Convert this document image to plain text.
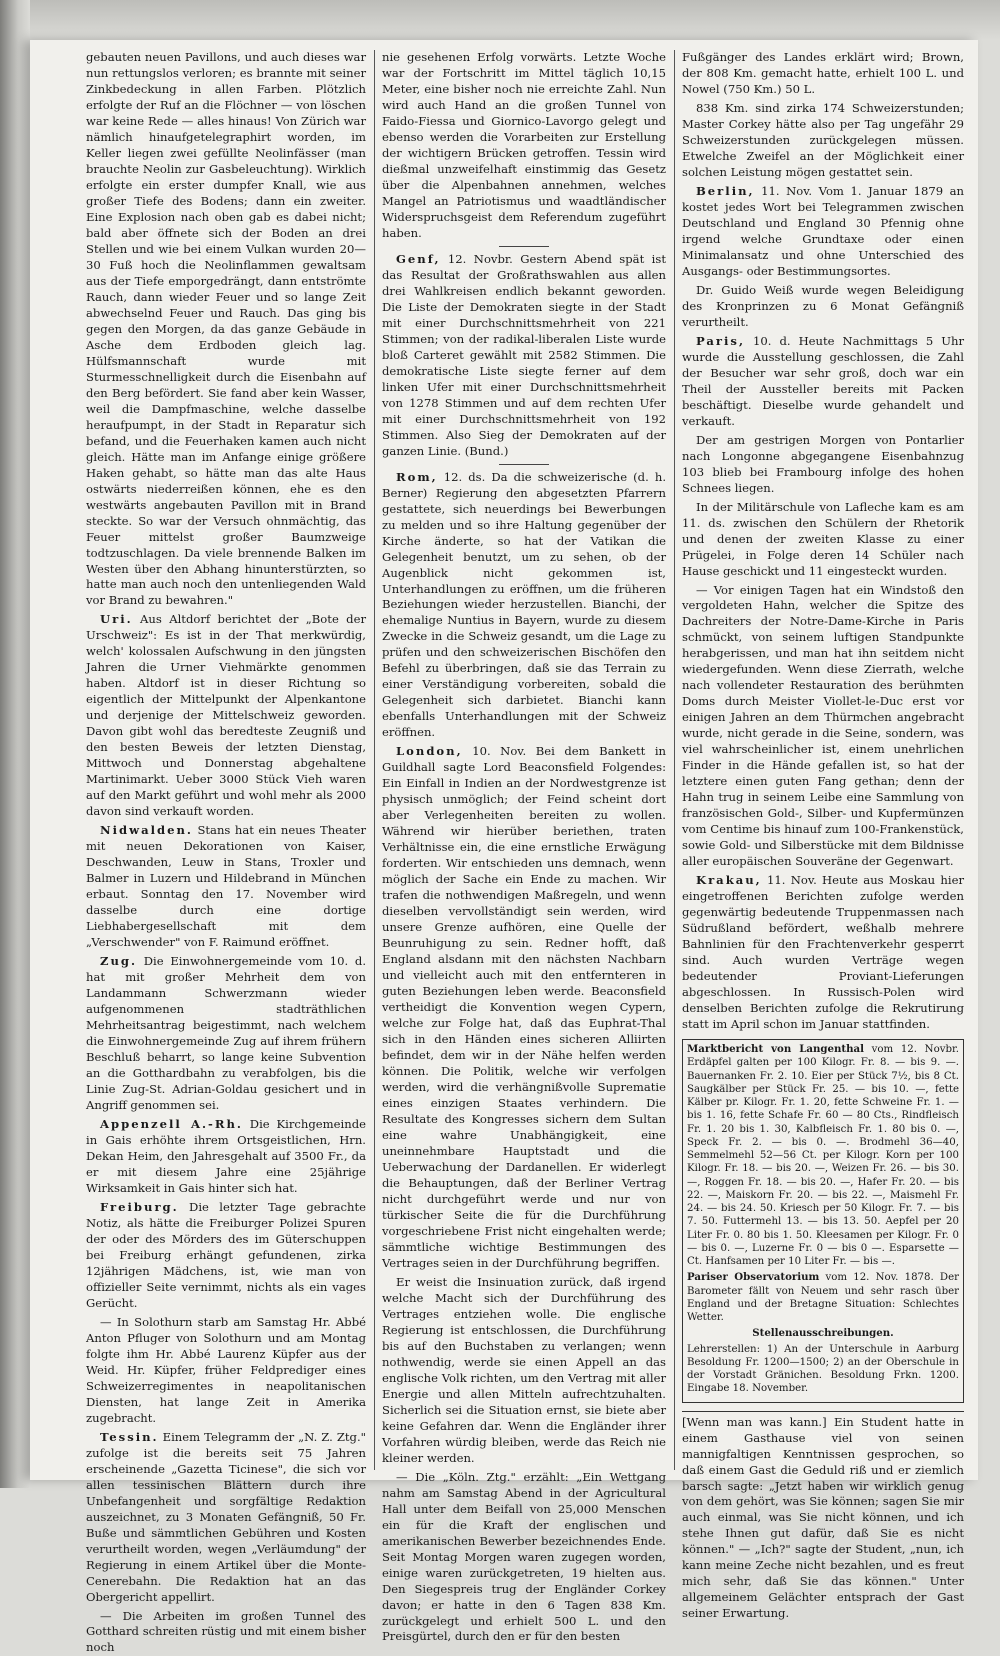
gebauten neuen Pavillons, und auch dieses war nun rettungslos verloren; es brannte mit seiner Zinkbedeckung in allen Farben. Plötzlich erfolgte der Ruf an die Flöchner — von löschen war keine Rede — alles hinaus! Von Zürich war nämlich hinaufgetelegraphirt worden, im Keller liegen zwei gefüllte Neolinfässer (man brauchte Neolin zur Gasbeleuchtung). Wirklich erfolgte ein erster dumpfer Knall, wie aus großer Tiefe des Bodens; dann ein zweiter. Eine Explosion nach oben gab es dabei nicht; bald aber öffnete sich der Boden an drei Stellen und wie bei einem Vulkan wurden 20—30 Fuß hoch die Neolinflammen gewaltsam aus der Tiefe emporgedrängt, dann entströmte Rauch, dann wieder Feuer und so lange Zeit abwechselnd Feuer und Rauch. Das ging bis gegen den Morgen, da das ganze Gebäude in Asche dem Erdboden gleich lag. Hülfsmannschaft wurde mit Sturmesschnelligkeit durch die Eisenbahn auf den Berg befördert. Sie fand aber kein Wasser, weil die Dampfmaschine, welche dasselbe heraufpumpt, in der Stadt in Reparatur sich befand, und die Feuerhaken kamen auch nicht gleich. Hätte man im Anfange einige größere Haken gehabt, so hätte man das alte Haus ostwärts niederreißen können, ehe es den westwärts angebauten Pavillon mit in Brand steckte. So war der Versuch ohnmächtig, das Feuer mittelst großer Baumzweige todtzuschlagen. Da viele brennende Balken im Westen über den Abhang hinunterstürzten, so hatte man auch noch den untenliegenden Wald vor Brand zu bewahren."

Uri. Aus Altdorf berichtet der „Bote der Urschweiz": Es ist in der That merkwürdig, welch' kolossalen Aufschwung in den jüngsten Jahren die Urner Viehmärkte genommen haben. Altdorf ist in dieser Richtung so eigentlich der Mittelpunkt der Alpenkantone und derjenige der Mittelschweiz geworden. Davon gibt wohl das beredteste Zeugniß und den besten Beweis der letzten Dienstag, Mittwoch und Donnerstag abgehaltene Martinimarkt. Ueber 3000 Stück Vieh waren auf den Markt geführt und wohl mehr als 2000 davon sind verkauft worden.

Nidwalden. Stans hat ein neues Theater mit neuen Dekorationen von Kaiser, Deschwanden, Leuw in Stans, Troxler und Balmer in Luzern und Hildebrand in München erbaut. Sonntag den 17. November wird dasselbe durch eine dortige Liebhabergesellschaft mit dem „Verschwender" von F. Raimund eröffnet.

Zug. Die Einwohnergemeinde vom 10. d. hat mit großer Mehrheit dem von Landammann Schwerzmann wieder aufgenommenen stadträthlichen Mehrheitsantrag beigestimmt, nach welchem die Einwohnergemeinde Zug auf ihrem frühern Beschluß beharrt, so lange keine Subvention an die Gotthardbahn zu verabfolgen, bis die Linie Zug-St. Adrian-Goldau gesichert und in Angriff genommen sei.

Appenzell A.-Rh. Die Kirchgemeinde in Gais erhöhte ihrem Ortsgeistlichen, Hrn. Dekan Heim, den Jahresgehalt auf 3500 Fr., da er mit diesem Jahre eine 25jährige Wirksamkeit in Gais hinter sich hat.

Freiburg. Die letzter Tage gebrachte Notiz, als hätte die Freiburger Polizei Spuren der oder des Mörders des im Güterschuppen bei Freiburg erhängt gefundenen, zirka 12jährigen Mädchens, ist, wie man von offizieller Seite vernimmt, nichts als ein vages Gerücht.

— In Solothurn starb am Samstag Hr. Abbé Anton Pfluger von Solothurn und am Montag folgte ihm Hr. Abbé Laurenz Küpfer aus der Weid. Hr. Küpfer, früher Feldprediger eines Schweizerregimentes in neapolitanischen Diensten, hat lange Zeit in Amerika zugebracht.

Tessin. Einem Telegramm der „N. Z. Ztg." zufolge ist die bereits seit 75 Jahren erscheinende „Gazetta Ticinese", die sich vor allen tessinischen Blättern durch ihre Unbefangenheit und sorgfältige Redaktion auszeichnet, zu 3 Monaten Gefängniß, 50 Fr. Buße und sämmtlichen Gebühren und Kosten verurtheilt worden, wegen „Verläumdung" der Regierung in einem Artikel über die Monte-Cenerebahn. Die Redaktion hat an das Obergericht appellirt.

— Die Arbeiten im großen Tunnel des Gotthard schreiten rüstig und mit einem bisher noch

nie gesehenen Erfolg vorwärts. Letzte Woche war der Fortschritt im Mittel täglich 10,15 Meter, eine bisher noch nie erreichte Zahl. Nun wird auch Hand an die großen Tunnel von Faido-Fiessa und Giornico-Lavorgo gelegt und ebenso werden die Vorarbeiten zur Erstellung der wichtigern Brücken getroffen. Tessin wird dießmal unzweifelhaft einstimmig das Gesetz über die Alpenbahnen annehmen, welches Mangel an Patriotismus und waadtländischer Widerspruchsgeist dem Referendum zugeführt haben.

Genf, 12. Novbr. Gestern Abend spät ist das Resultat der Großrathswahlen aus allen drei Wahlkreisen endlich bekannt geworden. Die Liste der Demokraten siegte in der Stadt mit einer Durchschnittsmehrheit von 221 Stimmen; von der radikal-liberalen Liste wurde bloß Carteret gewählt mit 2582 Stimmen. Die demokratische Liste siegte ferner auf dem linken Ufer mit einer Durchschnittsmehrheit von 1278 Stimmen und auf dem rechten Ufer mit einer Durchschnittsmehrheit von 192 Stimmen. Also Sieg der Demokraten auf der ganzen Linie. (Bund.)

Rom, 12. ds. Da die schweizerische (d. h. Berner) Regierung den abgesetzten Pfarrern gestattete, sich neuerdings bei Bewerbungen zu melden und so ihre Haltung gegenüber der Kirche änderte, so hat der Vatikan die Gelegenheit benutzt, um zu sehen, ob der Augenblick nicht gekommen ist, Unterhandlungen zu eröffnen, um die früheren Beziehungen wieder herzustellen. Bianchi, der ehemalige Nuntius in Bayern, wurde zu diesem Zwecke in die Schweiz gesandt, um die Lage zu prüfen und den schweizerischen Bischöfen den Befehl zu überbringen, daß sie das Terrain zu einer Verständigung vorbereiten, sobald die Gelegenheit sich darbietet. Bianchi kann ebenfalls Unterhandlungen mit der Schweiz eröffnen.

London, 10. Nov. Bei dem Bankett in Guildhall sagte Lord Beaconsfield Folgendes: Ein Einfall in Indien an der Nordwestgrenze ist physisch unmöglich; der Feind scheint dort aber Verlegenheiten bereiten zu wollen. Während wir hierüber beriethen, traten Verhältnisse ein, die eine ernstliche Erwägung forderten. Wir entschieden uns demnach, wenn möglich der Sache ein Ende zu machen. Wir trafen die nothwendigen Maßregeln, und wenn dieselben vervollständigt sein werden, wird unsere Grenze aufhören, eine Quelle der Beunruhigung zu sein. Redner hofft, daß England alsdann mit den nächsten Nachbarn und vielleicht auch mit den entfernteren in guten Beziehungen leben werde. Beaconsfield vertheidigt die Konvention wegen Cypern, welche zur Folge hat, daß das Euphrat-Thal sich in den Händen eines sicheren Alliirten befindet, dem wir in der Nähe helfen werden können. Die Politik, welche wir verfolgen werden, wird die verhängnißvolle Suprematie eines einzigen Staates verhindern. Die Resultate des Kongresses sichern dem Sultan eine wahre Unabhängigkeit, eine uneinnehmbare Hauptstadt und die Ueberwachung der Dardanellen. Er widerlegt die Behauptungen, daß der Berliner Vertrag nicht durchgeführt werde und nur von türkischer Seite die für die Durchführung vorgeschriebene Frist nicht eingehalten werde; sämmtliche wichtige Bestimmungen des Vertrages seien in der Durchführung begriffen.

Er weist die Insinuation zurück, daß irgend welche Macht sich der Durchführung des Vertrages entziehen wolle. Die englische Regierung ist entschlossen, die Durchführung bis auf den Buchstaben zu verlangen; wenn nothwendig, werde sie einen Appell an das englische Volk richten, um den Vertrag mit aller Energie und allen Mitteln aufrechtzuhalten. Sicherlich sei die Situation ernst, sie biete aber keine Gefahren dar. Wenn die Engländer ihrer Vorfahren würdig bleiben, werde das Reich nie kleiner werden.

— Die „Köln. Ztg." erzählt: „Ein Wettgang nahm am Samstag Abend in der Agricultural Hall unter dem Beifall von 25,000 Menschen ein für die Kraft der englischen und amerikanischen Bewerber bezeichnendes Ende. Seit Montag Morgen waren zugegen worden, einige waren zurückgetreten, 19 hielten aus. Den Siegespreis trug der Engländer Corkey davon; er hatte in den 6 Tagen 838 Km. zurückgelegt und erhielt 500 L. und den Preisgürtel, durch den er für den besten

Fußgänger des Landes erklärt wird; Brown, der 808 Km. gemacht hatte, erhielt 100 L. und Nowel (750 Km.) 50 L.

838 Km. sind zirka 174 Schweizerstunden; Master Corkey hätte also per Tag ungefähr 29 Schweizerstunden zurückgelegen müssen. Etwelche Zweifel an der Möglichkeit einer solchen Leistung mögen gestattet sein.

Berlin, 11. Nov. Vom 1. Januar 1879 an kostet jedes Wort bei Telegrammen zwischen Deutschland und England 30 Pfennig ohne irgend welche Grundtaxe oder einen Minimalansatz und ohne Unterschied des Ausgangs- oder Bestimmungsortes.

Dr. Guido Weiß wurde wegen Beleidigung des Kronprinzen zu 6 Monat Gefängniß verurtheilt.

Paris, 10. d. Heute Nachmittags 5 Uhr wurde die Ausstellung geschlossen, die Zahl der Besucher war sehr groß, doch war ein Theil der Aussteller bereits mit Packen beschäftigt. Dieselbe wurde gehandelt und verkauft.

Der am gestrigen Morgen von Pontarlier nach Longonne abgegangene Eisenbahnzug 103 blieb bei Frambourg infolge des hohen Schnees liegen.

In der Militärschule von Lafleche kam es am 11. ds. zwischen den Schülern der Rhetorik und denen der zweiten Klasse zu einer Prügelei, in Folge deren 14 Schüler nach Hause geschickt und 11 eingesteckt wurden.

— Vor einigen Tagen hat ein Windstoß den vergoldeten Hahn, welcher die Spitze des Dachreiters der Notre-Dame-Kirche in Paris schmückt, von seinem luftigen Standpunkte herabgerissen, und man hat ihn seitdem nicht wiedergefunden. Wenn diese Zierrath, welche nach vollendeter Restauration des berühmten Doms durch Meister Viollet-le-Duc erst vor einigen Jahren an dem Thürmchen angebracht wurde, nicht gerade in die Seine, sondern, was viel wahrscheinlicher ist, einem unehrlichen Finder in die Hände gefallen ist, so hat der letztere einen guten Fang gethan; denn der Hahn trug in seinem Leibe eine Sammlung von französischen Gold-, Silber- und Kupfermünzen vom Centime bis hinauf zum 100-Frankenstück, sowie Gold- und Silberstücke mit dem Bildnisse aller europäischen Souveräne der Gegenwart.

Krakau, 11. Nov. Heute aus Moskau hier eingetroffenen Berichten zufolge werden gegenwärtig bedeutende Truppenmassen nach Südrußland befördert, weßhalb mehrere Bahnlinien für den Frachtenverkehr gesperrt sind. Auch wurden Verträge wegen bedeutender Proviant-Lieferungen abgeschlossen. In Russisch-Polen wird denselben Berichten zufolge die Rekrutirung statt im April schon im Januar stattfinden.

Marktbericht von Langenthal vom 12. Novbr. Erdäpfel galten per 100 Kilogr. Fr. 8. — bis 9. —. Bauernanken Fr. 2. 10. Eier per Stück 7½, bis 8 Ct. Saugkälber per Stück Fr. 25. — bis 10. —, fette Kälber pr. Kilogr. Fr. 1. 20, fette Schweine Fr. 1. — bis 1. 16, fette Schafe Fr. 60 — 80 Cts., Rindfleisch Fr. 1. 20 bis 1. 30, Kalbfleisch Fr. 1. 80 bis 0. —, Speck Fr. 2. — bis 0. —. Brodmehl 36—40, Semmelmehl 52—56 Ct. per Kilogr. Korn per 100 Kilogr. Fr. 18. — bis 20. —, Weizen Fr. 26. — bis 30. —, Roggen Fr. 18. — bis 20. —, Hafer Fr. 20. — bis 22. —, Maiskorn Fr. 20. — bis 22. —, Maismehl Fr. 24. — bis 24. 50. Kriesch per 50 Kilogr. Fr. 7. — bis 7. 50. Futtermehl 13. — bis 13. 50. Aepfel per 20 Liter Fr. 0. 80 bis 1. 50. Kleesamen per Kilogr. Fr. 0 — bis 0. —, Luzerne Fr. 0 — bis 0 —. Esparsette — Ct. Hanfsamen per 10 Liter Fr. — bis —.

Pariser Observatorium vom 12. Nov. 1878. Der Barometer fällt von Neuem und sehr rasch über England und der Bretagne Situation: Schlechtes Wetter.

Stellenausschreibungen.

Lehrerstellen: 1) An der Unterschule in Aarburg Besoldung Fr. 1200—1500; 2) an der Oberschule in der Vorstadt Gränichen. Besoldung Frkn. 1200. Eingabe 18. November.

[Wenn man was kann.] Ein Student hatte in einem Gasthause viel von seinen mannigfaltigen Kenntnissen gesprochen, so daß einem Gast die Geduld riß und er ziemlich barsch sagte: „Jetzt haben wir wirklich genug von dem gehört, was Sie können; sagen Sie mir auch einmal, was Sie nicht können, und ich stehe Ihnen gut dafür, daß Sie es nicht können." — „Ich?" sagte der Student, „nun, ich kann meine Zeche nicht bezahlen, und es freut mich sehr, daß Sie das können." Unter allgemeinem Gelächter entsprach der Gast seiner Erwartung.
